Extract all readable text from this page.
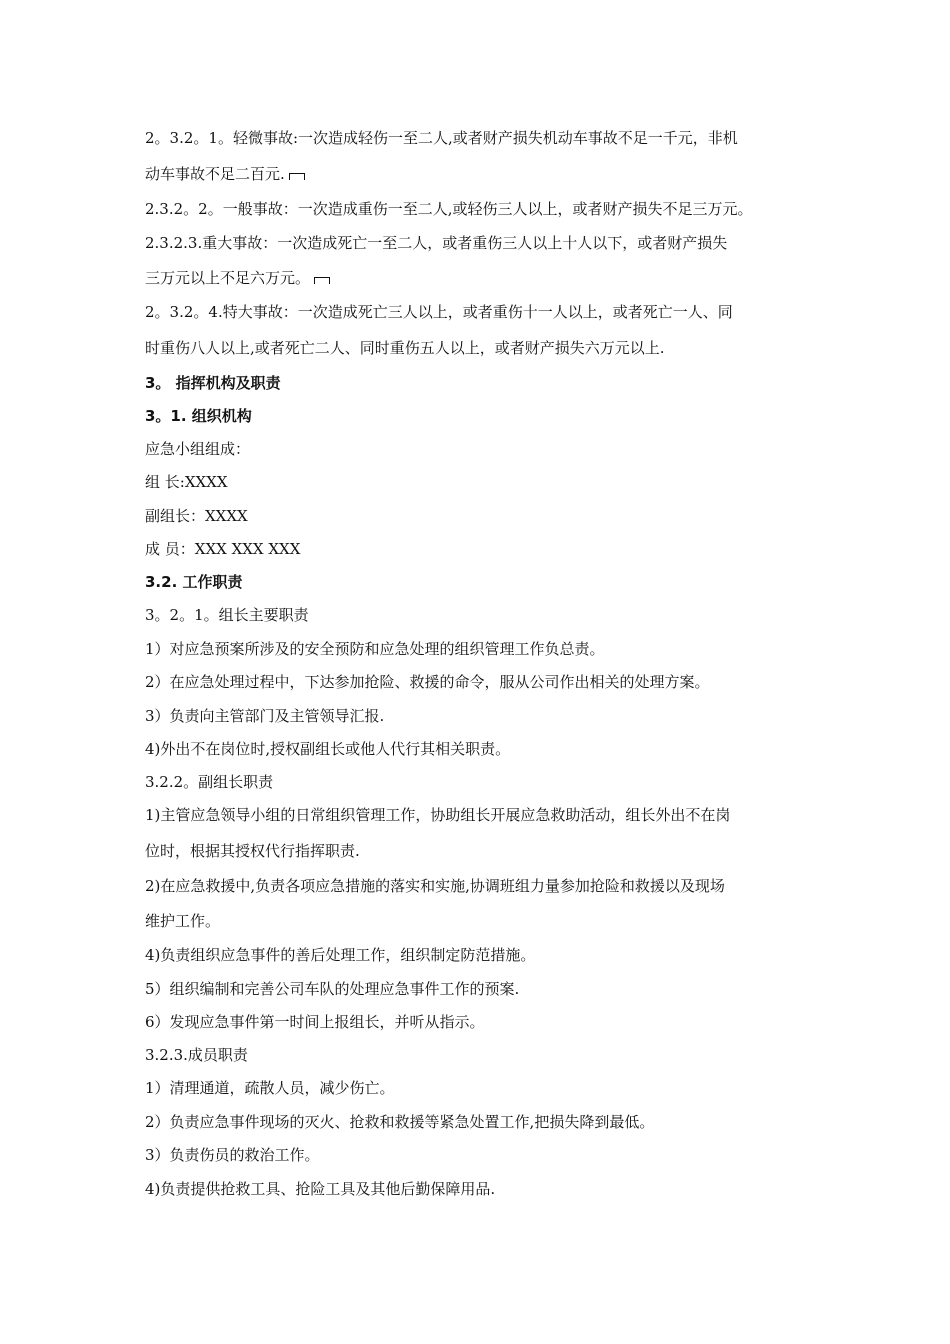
2。3.2。1。轻微事故:一次造成轻伤一至二人,或者财产损失机动车事故不足一千元，非机
动车事故不足二百元.
2.3.2。2。一般事故：一次造成重伤一至二人,或轻伤三人以上，或者财产损失不足三万元。
2.3.2.3.重大事故：一次造成死亡一至二人，或者重伤三人以上十人以下，或者财产损失
三万元以上不足六万元。
2。3.2。4.特大事故：一次造成死亡三人以上，或者重伤十一人以上，或者死亡一人、同
时重伤八人以上,或者死亡二人、同时重伤五人以上，或者财产损失六万元以上.
3。 指挥机构及职责
3。1. 组织机构
应急小组组成：
组 长:XXXX
副组长：XXXX
成 员：XXX XXX XXX
3.2. 工作职责
3。2。1。组长主要职责
1）对应急预案所涉及的安全预防和应急处理的组织管理工作负总责。
2）在应急处理过程中，下达参加抢险、救援的命令，服从公司作出相关的处理方案。
3）负责向主管部门及主管领导汇报.
4)外出不在岗位时,授权副组长或他人代行其相关职责。
3.2.2。副组长职责
1)主管应急领导小组的日常组织管理工作，协助组长开展应急救助活动，组长外出不在岗
位时，根据其授权代行指挥职责.
2)在应急救援中,负责各项应急措施的落实和实施,协调班组力量参加抢险和救援以及现场
维护工作。
4)负责组织应急事件的善后处理工作，组织制定防范措施。
5）组织编制和完善公司车队的处理应急事件工作的预案.
6）发现应急事件第一时间上报组长，并听从指示。
3.2.3.成员职责
1）清理通道，疏散人员，减少伤亡。
2）负责应急事件现场的灭火、抢救和救援等紧急处置工作,把损失降到最低。
3）负责伤员的救治工作。
4)负责提供抢救工具、抢险工具及其他后勤保障用品.
